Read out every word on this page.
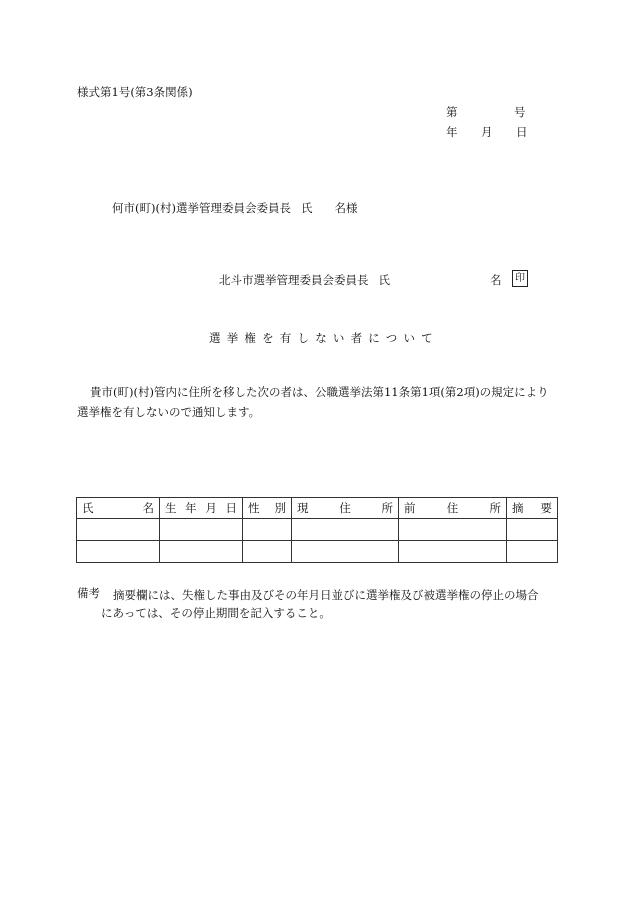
様式第1号(第3条関係)
第	号
年 月 日
何市(町)(村)選挙管理委員会委員長 氏 名様
北斗市選挙管理委員会委員長 氏	名	印
選挙権を有しない者について
貴市(町)(村)管内に住所を移した次の者は、公職選挙法第11条第1項(第2項)の規定により選挙権を有しないので通知します。
氏 名	生 年 月 日	性 別	現 住 所	前 住 所	摘 要

備考 摘要欄には、失権した事由及びその年月日並びに選挙権及び被選挙権の停止の場合
にあっては、その停止期間を記入すること。
